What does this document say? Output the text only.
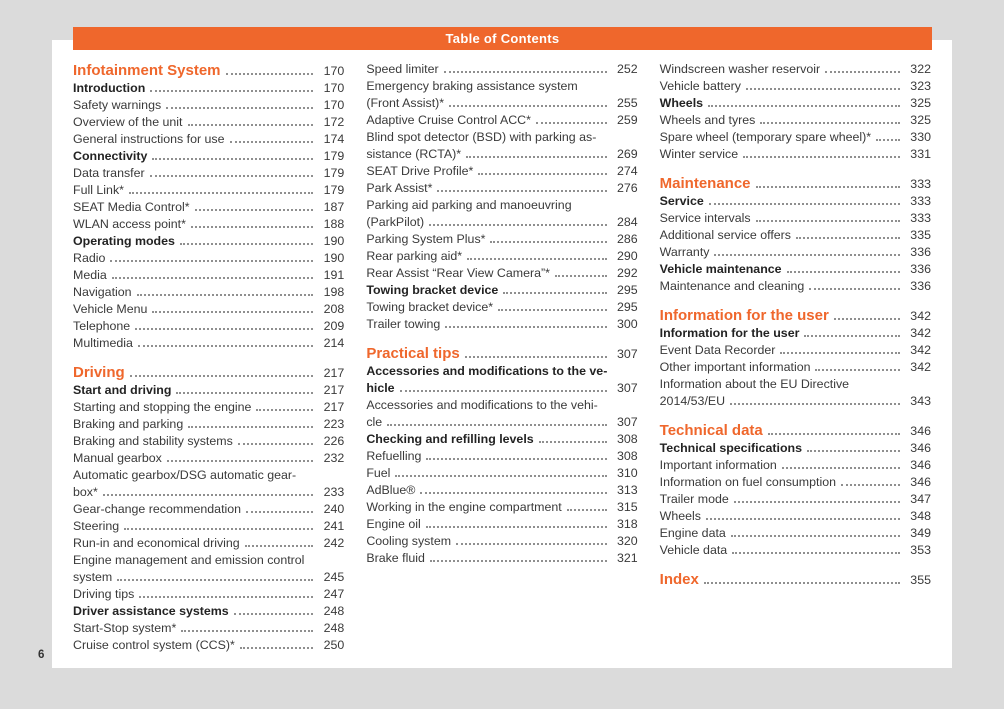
Table of Contents
Infotainment System	170
Introduction	170
Safety warnings	170
Overview of the unit	172
General instructions for use	174
Connectivity	179
Data transfer	179
Full Link*	179
SEAT Media Control*	187
WLAN access point*	188
Operating modes	190
Radio	190
Media	191
Navigation	198
Vehicle Menu	208
Telephone	209
Multimedia	214
Driving	217
Start and driving	217
Starting and stopping the engine	217
Braking and parking	223
Braking and stability systems	226
Manual gearbox	232
Automatic gearbox/DSG automatic gear-
box*	233
Gear-change recommendation	240
Steering	241
Run-in and economical driving	242
Engine management and emission control
system	245
Driving tips	247
Driver assistance systems	248
Start-Stop system*	248
Cruise control system (CCS)*	250
Speed limiter	252
Emergency braking assistance system
(Front Assist)*	255
Adaptive Cruise Control ACC*	259
Blind spot detector (BSD) with parking as-
sistance (RCTA)*	269
SEAT Drive Profile*	274
Park Assist*	276
Parking aid parking and manoeuvring
(ParkPilot)	284
Parking System Plus*	286
Rear parking aid*	290
Rear Assist “Rear View Camera”*	292
Towing bracket device	295
Towing bracket device*	295
Trailer towing	300
Practical tips	307
Accessories and modifications to the ve-
hicle	307
Accessories and modifications to the vehi-
cle	307
Checking and refilling levels	308
Refuelling	308
Fuel	310
AdBlue®	313
Working in the engine compartment	315
Engine oil	318
Cooling system	320
Brake fluid	321
Windscreen washer reservoir	322
Vehicle battery	323
Wheels	325
Wheels and tyres	325
Spare wheel (temporary spare wheel)*	330
Winter service	331
Maintenance	333
Service	333
Service intervals	333
Additional service offers	335
Warranty	336
Vehicle maintenance	336
Maintenance and cleaning	336
Information for the user	342
Information for the user	342
Event Data Recorder	342
Other important information	342
Information about the EU Directive
2014/53/EU	343
Technical data	346
Technical specifications	346
Important information	346
Information on fuel consumption	346
Trailer mode	347
Wheels	348
Engine data	349
Vehicle data	353
Index	355
6
